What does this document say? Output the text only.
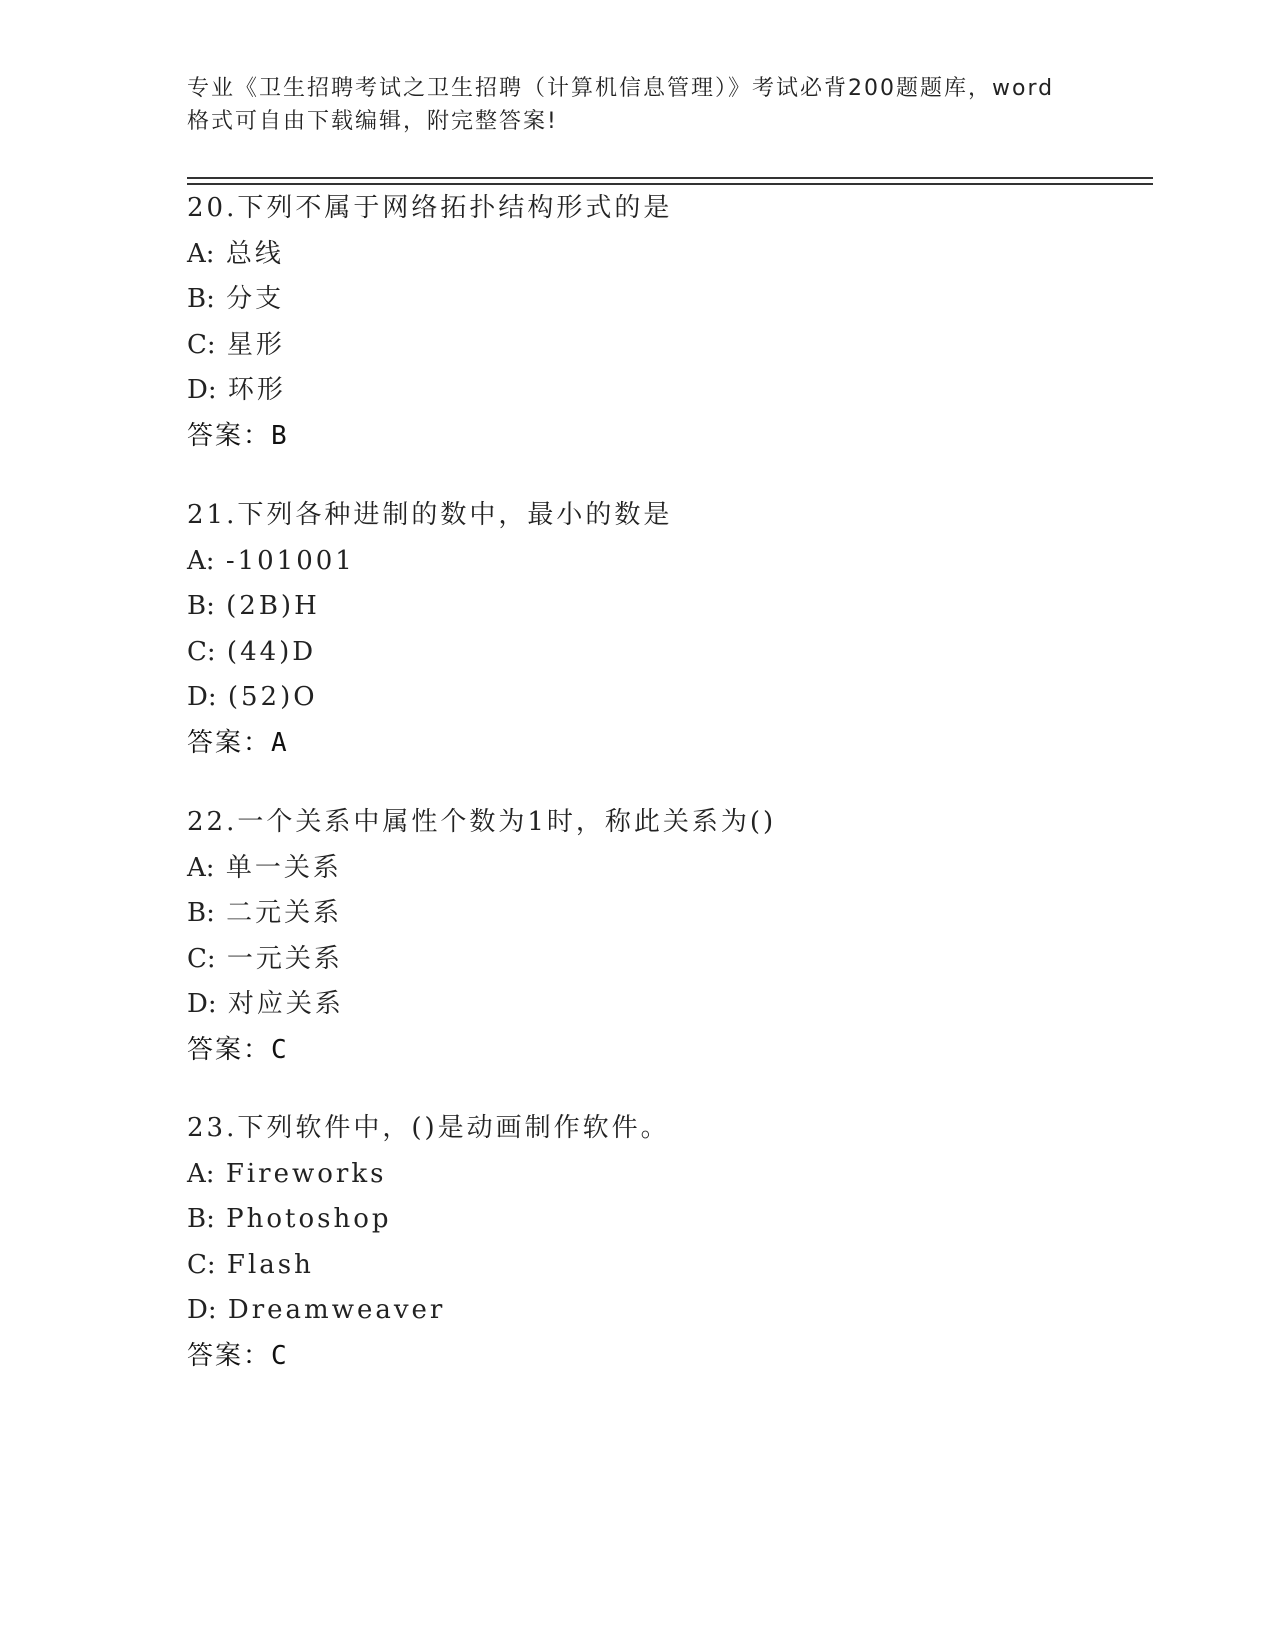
专业《卫生招聘考试之卫生招聘（计算机信息管理）》考试必背200题题库，word
格式可自由下载编辑，附完整答案!
20.下列不属于网络拓扑结构形式的是
A: 总线
B: 分支
C: 星形
D: 环形
答案：B
21.下列各种进制的数中，最小的数是
A: -101001
B: (2B)H
C: (44)D
D: (52)O
答案：A
22.一个关系中属性个数为1时，称此关系为()
A: 单一关系
B: 二元关系
C: 一元关系
D: 对应关系
答案：C
23.下列软件中，()是动画制作软件。
A: Fireworks
B: Photoshop
C: Flash
D: Dreamweaver
答案：C
